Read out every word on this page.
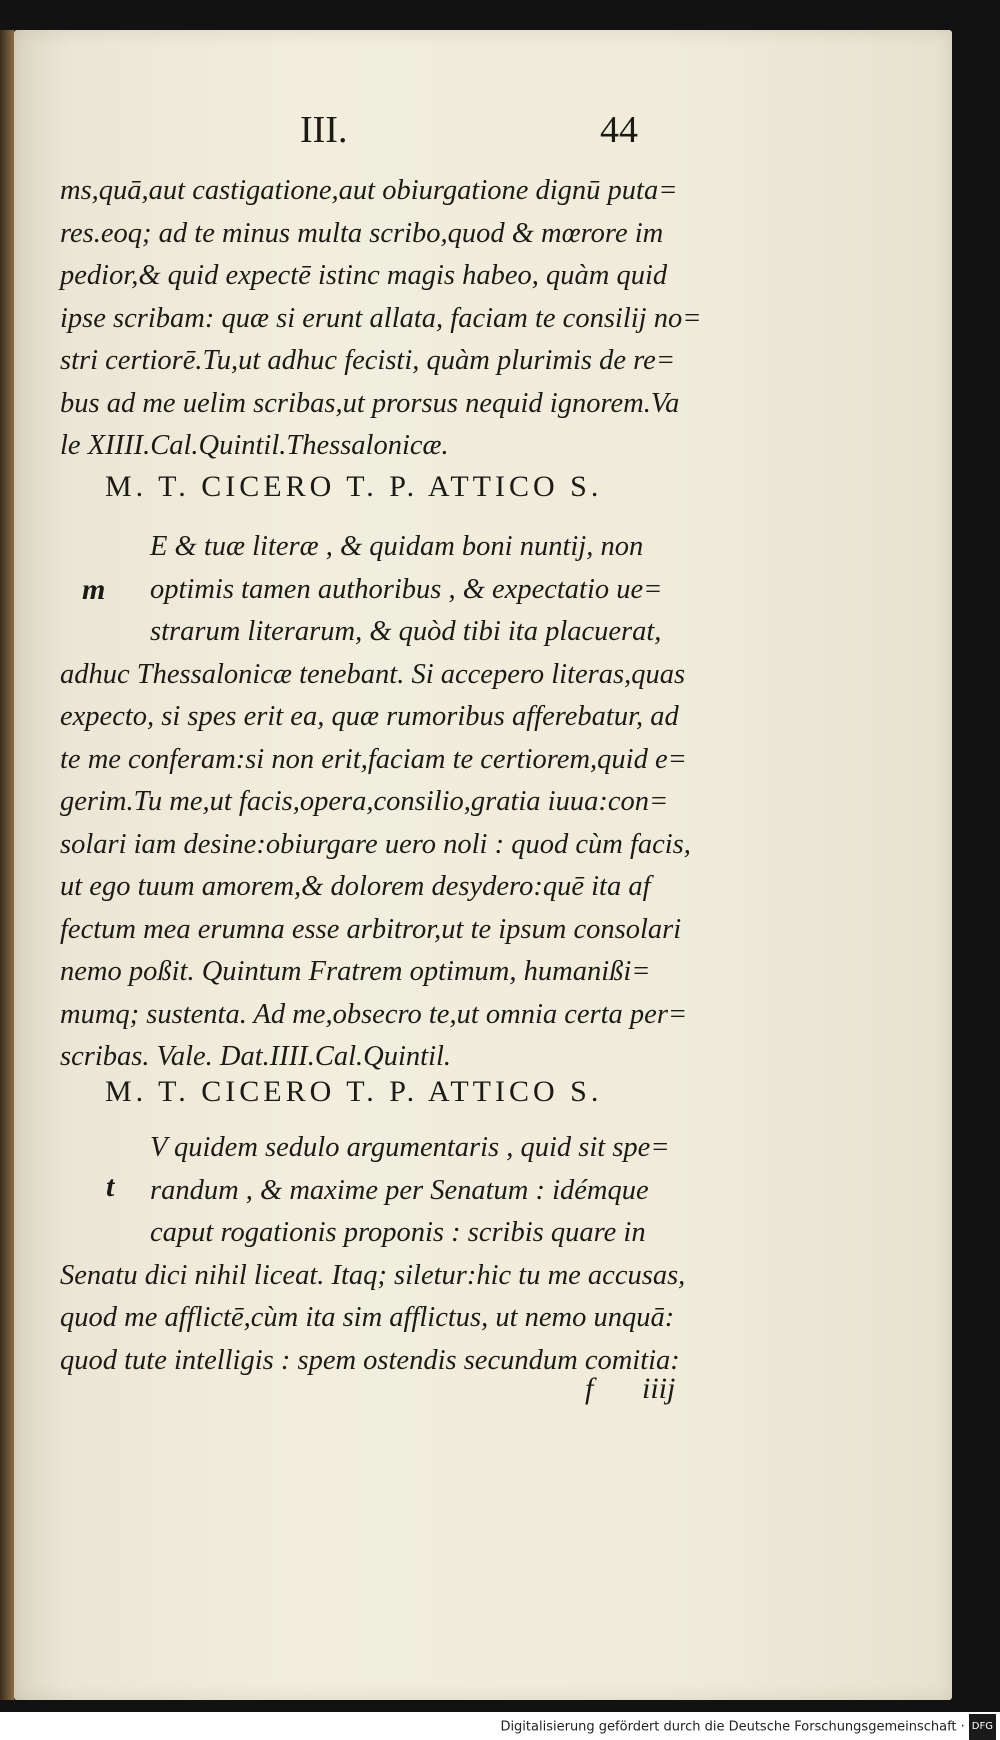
III.	44
ms,quā,aut castigatione,aut obiurgatione dignū puta=
res.eoq; ad te minus multa scribo,quod & mœrore im
pedior,& quid expectē istinc magis habeo, quàm quid
ipse scribam: quæ si erunt allata, faciam te consilij no=
stri certiorē.Tu,ut adhuc fecisti, quàm plurimis de re=
bus ad me uelim scribas,ut prorsus nequid ignorem.Va
le XIIII.Cal.Quintil.Thessalonicæ.
M. T. CICERO T. P. ATTICO S.
m
E & tuæ literæ , & quidam boni nuntij, non
optimis tamen authoribus , & expectatio ue=
strarum literarum, & quòd tibi ita placuerat,
adhuc Thessalonicæ tenebant. Si accepero literas,quas
expecto, si spes erit ea, quæ rumoribus afferebatur, ad
te me conferam:si non erit,faciam te certiorem,quid e=
gerim.Tu me,ut facis,opera,consilio,gratia iuua:con=
solari iam desine:obiurgare uero noli : quod cùm facis,
ut ego tuum amorem,& dolorem desydero:quē ita af
fectum mea erumna esse arbitror,ut te ipsum consolari
nemo poßit. Quintum Fratrem optimum, humanißi=
mumq; sustenta. Ad me,obsecro te,ut omnia certa per=
scribas. Vale. Dat.IIII.Cal.Quintil.
M. T. CICERO T. P. ATTICO S.
t
V quidem sedulo argumentaris , quid sit spe=
randum , & maxime per Senatum : idémque
caput rogationis proponis : scribis quare in
Senatu dici nihil liceat. Itaq; siletur:hic tu me accusas,
quod me afflictē,cùm ita sim afflictus, ut nemo unquā:
quod tute intelligis : spem ostendis secundum comitia:
f iiij
Digitalisierung gefördert durch die Deutsche Forschungsgemeinschaft · DFG
